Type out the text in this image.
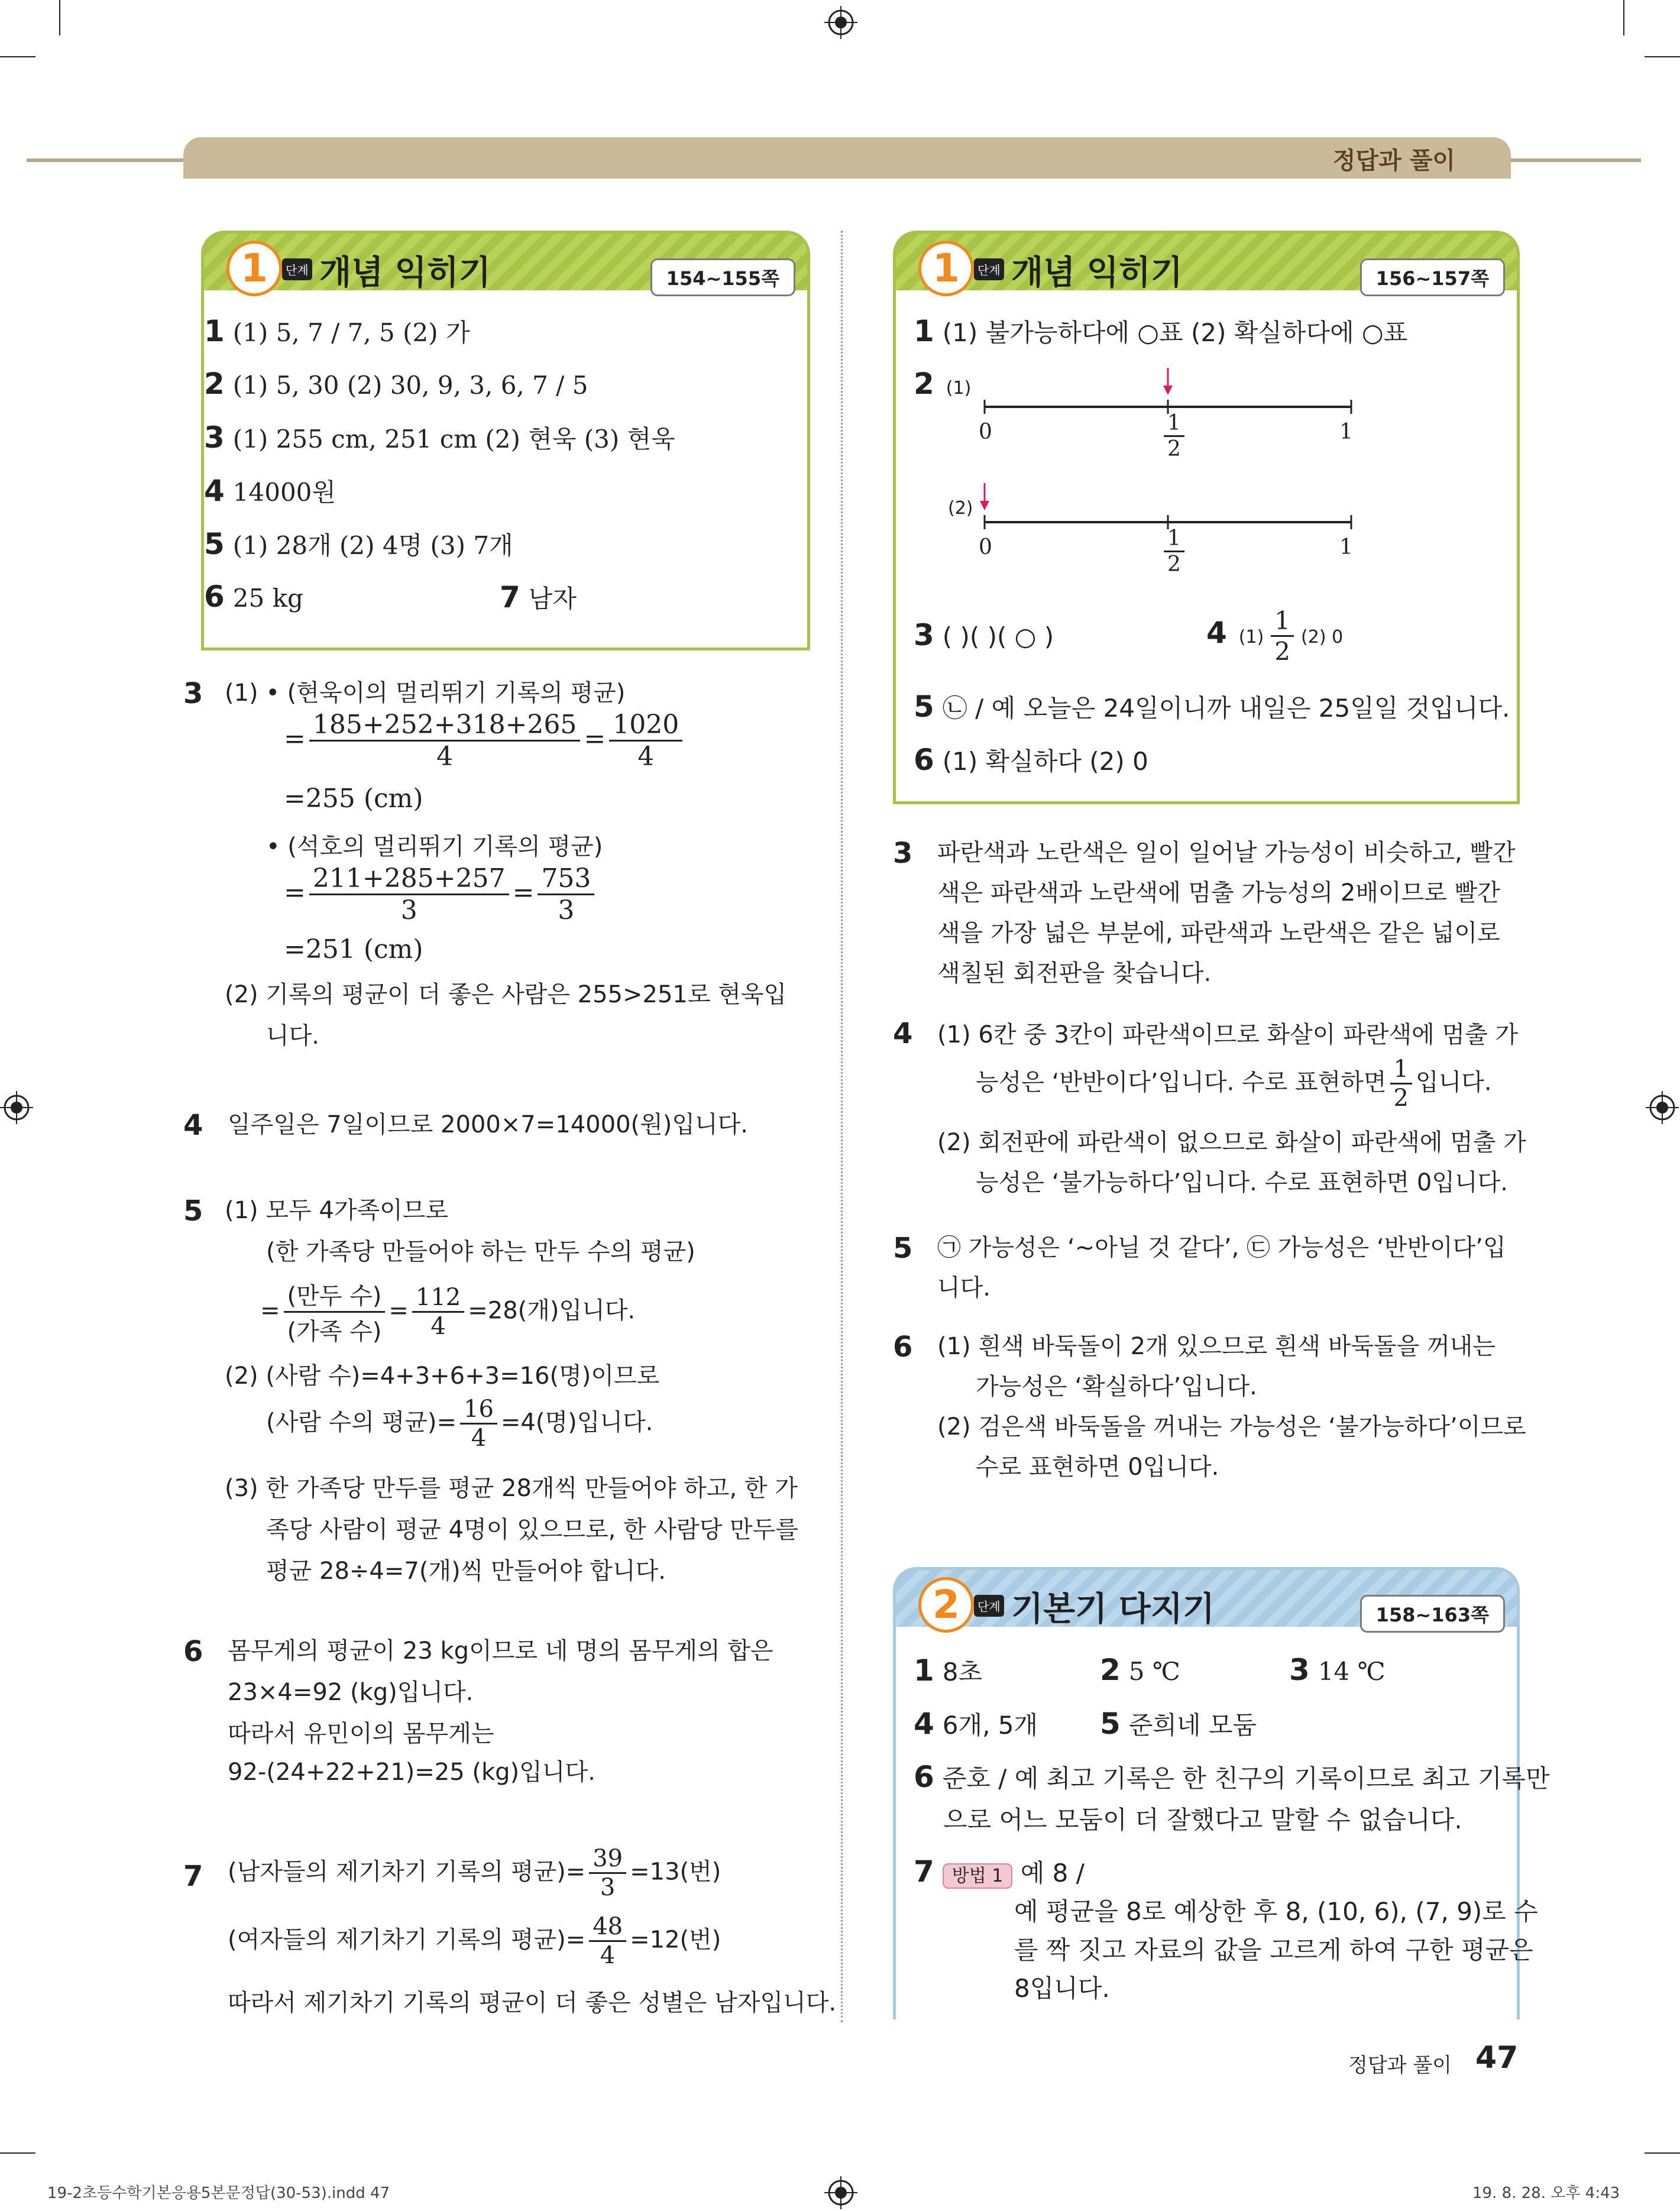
정답과 풀이
1	단계 개념 익히기	154~155쪽
1 (1) 5, 7 / 7, 5 (2) 가
2 (1) 5, 30 (2) 30, 9, 3, 6, 7 / 5
3 (1) 255 cm, 251 cm (2) 현욱 (3) 현욱
4 14000원
5 (1) 28개 (2) 4명 (3) 7개
6 25 kg	7 남자
1	단계 개념 익히기	156~157쪽
1 (1) 불가능하다에 ○표 (2) 확실하다에 ○표
2 (1)
(2)
0	1
$\frac{1}{2}$
0	1
$\frac{1}{2}$
3 ( )( )( ○ )	4 $(1) \frac{1}{2} (2)$ 0
5 ㉡ / 예 오늘은 24일이니까 내일은 25일일 것입니다.
6 (1) 확실하다 (2) 0
3 (1) • (현욱이의 멀리뛰기 기록의 평균)
= $\frac{185+252+318+265}{4} = \frac{1020}{4}$
=255 (cm)
• (석호의 멀리뛰기 기록의 평균)
= $\frac{211+285+257}{3} = \frac{753}{3}$
=251 (cm)
(2) 기록의 평균이 더 좋은 사람은 255>251로 현욱입
니다.
4 일주일은 7일이므로 2000×7=14000(원)입니다.
5 (1) 모두 4가족이므로
(한 가족당 만들어야 하는 만두 수의 평균)
= $\frac{\text{(만두 수)}}{\text{(가족 수)}} = \frac{112}{4} =28$(개)입니다.
(2) (사람 수)=4+3+6+3=16(명)이므로
(사람 수의 평균)= $\frac{16}{4} =4$(명)입니다.
(3) 한 가족당 만두를 평균 28개씩 만들어야 하고, 한 가
족당 사람이 평균 4명이 있으므로, 한 사람당 만두를
평균 28÷4=7(개)씩 만들어야 합니다.
6 몸무게의 평균이 23 kg이므로 네 명의 몸무게의 합은
23×4=92 (kg)입니다.
따라서 유민이의 몸무게는
92-(24+22+21)=25 (kg)입니다.
7 (남자들의 제기차기 기록의 평균)= $\frac{39}{3} =13$(번)
(여자들의 제기차기 기록의 평균)= $\frac{48}{4} =12$(번)
따라서 제기차기 기록의 평균이 더 좋은 성별은 남자입니다.
3 파란색과 노란색은 일이 일어날 가능성이 비슷하고, 빨간
색은 파란색과 노란색에 멈출 가능성의 2배이므로 빨간
색을 가장 넓은 부분에, 파란색과 노란색은 같은 넓이로
색칠된 회전판을 찾습니다.
4 (1) 6칸 중 3칸이 파란색이므로 화살이 파란색에 멈출 가
능성은 ‘반반이다’입니다. 수로 표현하면 $\frac{1}{2}$ 입니다.
(2) 회전판에 파란색이 없으므로 화살이 파란색에 멈출 가
능성은 ‘불가능하다’입니다. 수로 표현하면 0입니다.
5 ㉠ 가능성은 ‘~아닐 것 같다’, ㉢ 가능성은 ‘반반이다’입
니다.
6 (1) 흰색 바둑돌이 2개 있으므로 흰색 바둑돌을 꺼내는
가능성은 ‘확실하다’입니다.
(2) 검은색 바둑돌을 꺼내는 가능성은 ‘불가능하다’이므로
수로 표현하면 0입니다.
2	단계 기본기 다지기	158~163쪽
1 8초	2 5 ℃	3 14 ℃
4 6개, 5개 5 준희네 모둠
6 준호 / 예 최고 기록은 한 친구의 기록이므로 최고 기록만
으로 어느 모둠이 더 잘했다고 말할 수 없습니다.
7 방법 1 예 8 /
예 평균을 8로 예상한 후 8, (10, 6), (7, 9)로 수
를 짝 짓고 자료의 값을 고르게 하여 구한 평균은
8입니다.
정답과 풀이 47
19-2초등수학기본응용5본문정답(30-53).indd 47	19. 8. 28. 오후 4:43
